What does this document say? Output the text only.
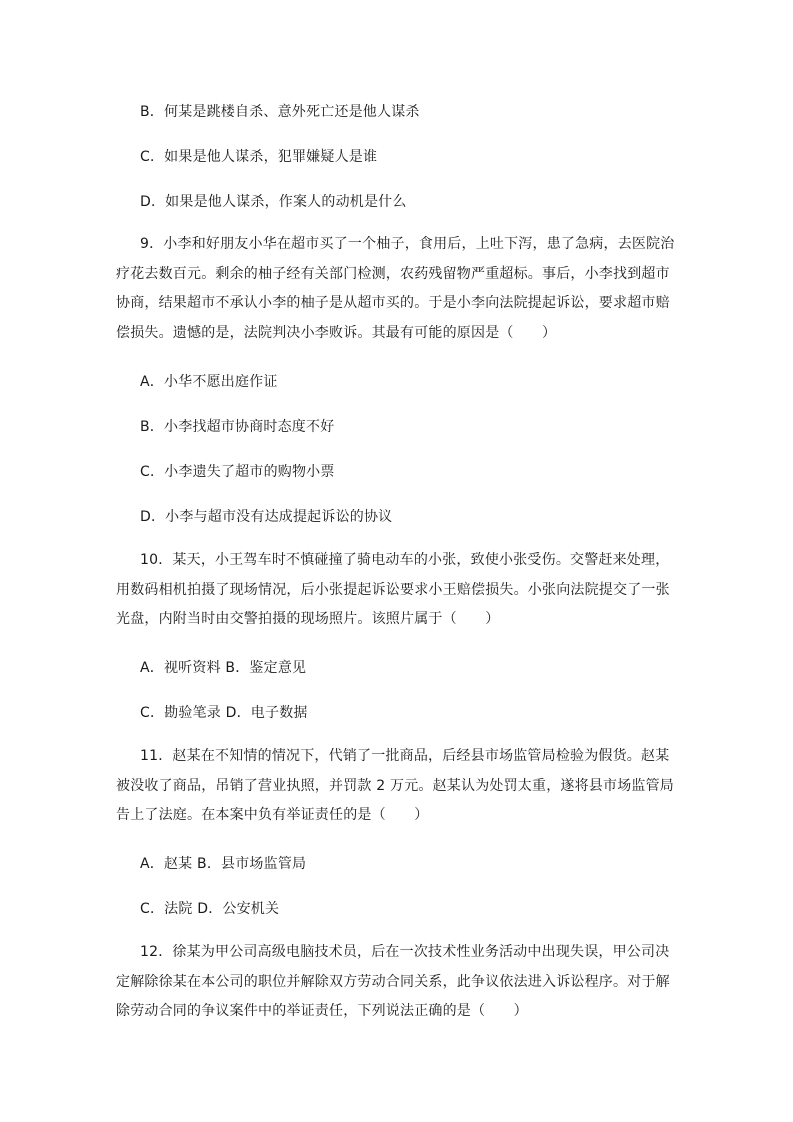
B．何某是跳楼自杀、意外死亡还是他人谋杀
C．如果是他人谋杀，犯罪嫌疑人是谁
D．如果是他人谋杀，作案人的动机是什么
9．小李和好朋友小华在超市买了一个柚子，食用后，上吐下泻，患了急病，去医院治疗花去数百元。剩余的柚子经有关部门检测，农药残留物严重超标。事后，小李找到超市协商，结果超市不承认小李的柚子是从超市买的。于是小李向法院提起诉讼，要求超市赔偿损失。遗憾的是，法院判决小李败诉。其最有可能的原因是（　　）
A．小华不愿出庭作证
B．小李找超市协商时态度不好
C．小李遗失了超市的购物小票
D．小李与超市没有达成提起诉讼的协议
10．某天，小王驾车时不慎碰撞了骑电动车的小张，致使小张受伤。交警赶来处理，用数码相机拍摄了现场情况，后小张提起诉讼要求小王赔偿损失。小张向法院提交了一张光盘，内附当时由交警拍摄的现场照片。该照片属于（　　）
A．视听资料 B．鉴定意见
C．勘验笔录 D．电子数据
11．赵某在不知情的情况下，代销了一批商品，后经县市场监管局检验为假货。赵某被没收了商品，吊销了营业执照，并罚款 2 万元。赵某认为处罚太重，遂将县市场监管局告上了法庭。在本案中负有举证责任的是（　　）
A．赵某 B．县市场监管局
C．法院 D．公安机关
12．徐某为甲公司高级电脑技术员，后在一次技术性业务活动中出现失误，甲公司决定解除徐某在本公司的职位并解除双方劳动合同关系，此争议依法进入诉讼程序。对于解除劳动合同的争议案件中的举证责任，下列说法正确的是（　　）
